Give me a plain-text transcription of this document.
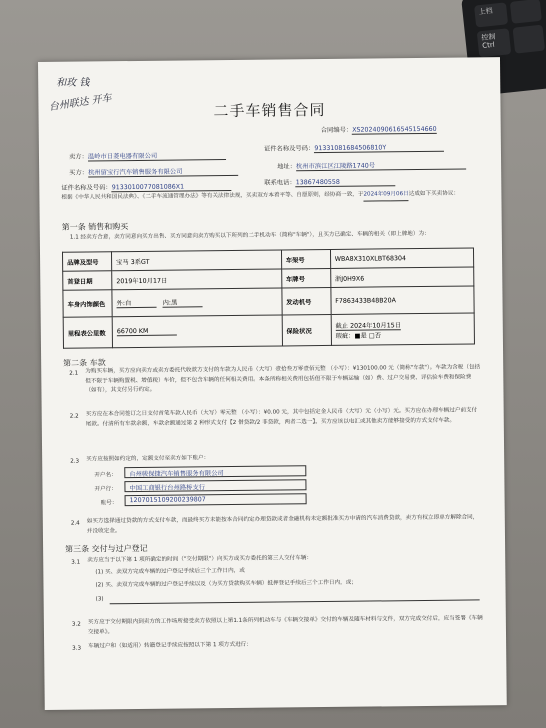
上档
控制 Ctrl
和玫 钱
台州联达 开车	二手车销售合同
合同编号：XS2024090616545154660
卖方：温岭市日菱电器有限公司
证件名称及号码：91331081684506810Y
买方：杭州留宝行汽车销售服务有限公司
地址：杭州市滨江区江陵路1740号
证件名称及号码：91330100770810​86X1
联系电话：13867480558
根据《中华人民共和国民法典》、《二手车流通管理办法》等有关法律法规，买卖双方本着平等、自愿原则，经协商一致，于2024年09月06日达成如下买卖协议：
第一条 销售和购买
1.1 经卖方合意，卖方同意向买方出售、买方同意向卖方购买以下所列的二手机动车（简称"车辆"），且买方已确定、车辆的相关（即上牌地）为：
品牌及型号	宝马 3系GT	车架号	WBA8X310XLBT68304
首登日期	2019年10月17日	车牌号	浙J0H9X6
车身内饰颜色	外:白 内:黑	发动机号	F7863433B48B20A
里程表公里数	66700 KM	保险状况	截止 2024年10月15日
瑕疵：■是 □否
第二条 车款
2.1 为购买车辆，买方应向卖方或卖方委托代收款方支付的车款为人民币（大写）壹拾叁万零壹佰元整 （小写）：¥130100.00 元（简称"车款"）。车款为含税（包括但不限于车辆购置税、增值税）车价，但不包含车辆的任何相关费用。本条所称相关费用包括但不限于车辆运输（如）费、过户交易费、评估验车费和保险费（如有），其支付另行约定。
2.2 买方应在本合同签订之日支付首笔车款人民币（大写）零元整 （小写）：¥0.00 元，其中包括定金人民币（大写）元（小写）元。买方应在办理车辆过户前支付尾款。付清所有车款余额，车款余额通过第 2 种形式支付【2 借贷款/2 非贷款，两者二选一】。买方应该以电汇或其他卖方能够接受的方式支付车款。
2.3 买方应按照如约定的，定额支付至卖方如下账户：
开户名： 台州骏保捷汽车销售服务有限公司
开户行： 中国工商银行台州路桥支行
账号： 1207015109200239807
2.4 如买方选择通过贷款的方式支付车款，而最终买方未能按本合同约定办理贷款或者金融机构未定额批准买方申请的汽车消费贷款，卖方有权立即单方解除合同，并没收定金。
第三条 交付与过户登记
3.1 卖方应当于以下第 1 项所确定的时间（"交付期限"）向买方或买方委托的第三人交付车辆：
(1) 买、卖双方完成车辆的过户登记手续后三个工作日内，或
(2) 买、卖双方完成车辆的过户登记手续以及（为买方贷款购买车辆）抵押登记手续后三个工作日内，或；
(3)
3.2 买方应于交付期限内到卖方的工作场所接受卖方依照以上第1.1条所列机动车与《车辆交接单》交付的车辆及随车材料与文件，双方完成交付后，应当签署《车辆交接单》。
3.3 车辆过户和（如适用）转籍登记手续应按照以下第 1 项方式进行：
